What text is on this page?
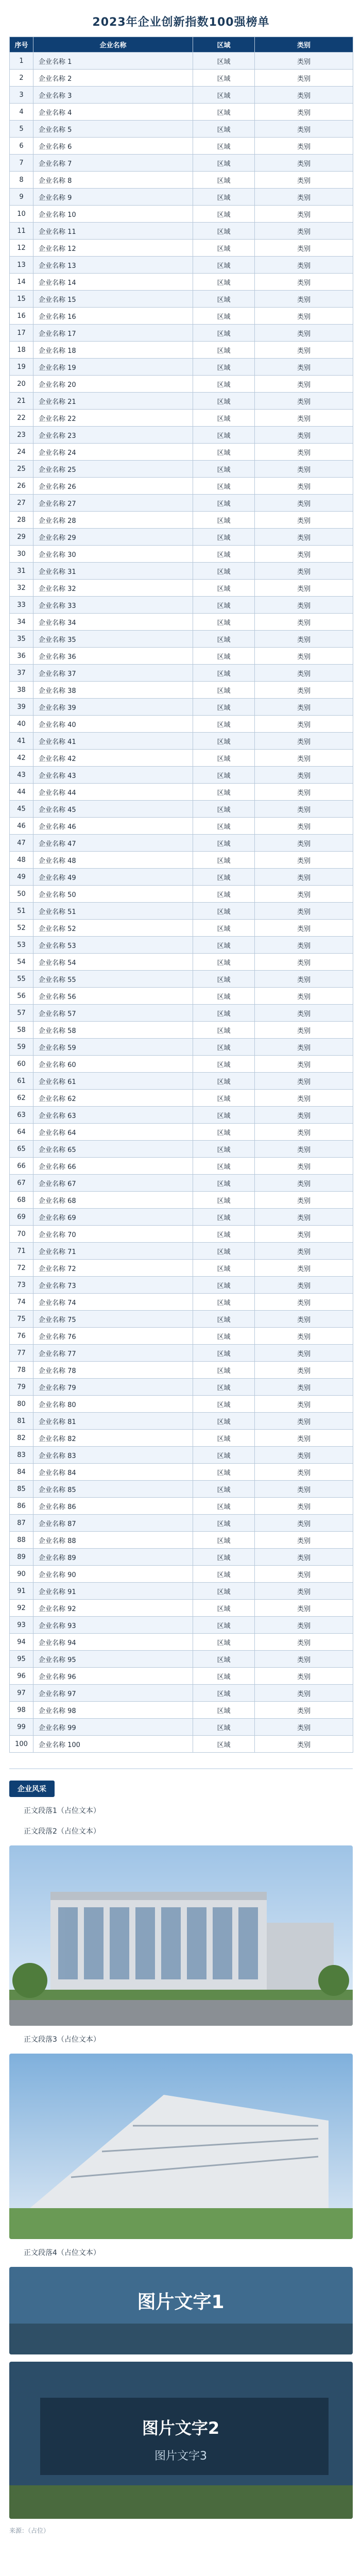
2023年企业创新指数100强榜单
序号	企业名称	区域	类别
1	企业名称 1	区域	类别
2	企业名称 2	区域	类别
3	企业名称 3	区域	类别
4	企业名称 4	区域	类别
5	企业名称 5	区域	类别
6	企业名称 6	区域	类别
7	企业名称 7	区域	类别
8	企业名称 8	区域	类别
9	企业名称 9	区域	类别
10	企业名称 10	区域	类别
11	企业名称 11	区域	类别
12	企业名称 12	区域	类别
13	企业名称 13	区域	类别
14	企业名称 14	区域	类别
15	企业名称 15	区域	类别
16	企业名称 16	区域	类别
17	企业名称 17	区域	类别
18	企业名称 18	区域	类别
19	企业名称 19	区域	类别
20	企业名称 20	区域	类别
21	企业名称 21	区域	类别
22	企业名称 22	区域	类别
23	企业名称 23	区域	类别
24	企业名称 24	区域	类别
25	企业名称 25	区域	类别
26	企业名称 26	区域	类别
27	企业名称 27	区域	类别
28	企业名称 28	区域	类别
29	企业名称 29	区域	类别
30	企业名称 30	区域	类别
31	企业名称 31	区域	类别
32	企业名称 32	区域	类别
33	企业名称 33	区域	类别
34	企业名称 34	区域	类别
35	企业名称 35	区域	类别
36	企业名称 36	区域	类别
37	企业名称 37	区域	类别
38	企业名称 38	区域	类别
39	企业名称 39	区域	类别
40	企业名称 40	区域	类别
41	企业名称 41	区域	类别
42	企业名称 42	区域	类别
43	企业名称 43	区域	类别
44	企业名称 44	区域	类别
45	企业名称 45	区域	类别
46	企业名称 46	区域	类别
47	企业名称 47	区域	类别
48	企业名称 48	区域	类别
49	企业名称 49	区域	类别
50	企业名称 50	区域	类别
51	企业名称 51	区域	类别
52	企业名称 52	区域	类别
53	企业名称 53	区域	类别
54	企业名称 54	区域	类别
55	企业名称 55	区域	类别
56	企业名称 56	区域	类别
57	企业名称 57	区域	类别
58	企业名称 58	区域	类别
59	企业名称 59	区域	类别
60	企业名称 60	区域	类别
61	企业名称 61	区域	类别
62	企业名称 62	区域	类别
63	企业名称 63	区域	类别
64	企业名称 64	区域	类别
65	企业名称 65	区域	类别
66	企业名称 66	区域	类别
67	企业名称 67	区域	类别
68	企业名称 68	区域	类别
69	企业名称 69	区域	类别
70	企业名称 70	区域	类别
71	企业名称 71	区域	类别
72	企业名称 72	区域	类别
73	企业名称 73	区域	类别
74	企业名称 74	区域	类别
75	企业名称 75	区域	类别
76	企业名称 76	区域	类别
77	企业名称 77	区域	类别
78	企业名称 78	区域	类别
79	企业名称 79	区域	类别
80	企业名称 80	区域	类别
81	企业名称 81	区域	类别
82	企业名称 82	区域	类别
83	企业名称 83	区域	类别
84	企业名称 84	区域	类别
85	企业名称 85	区域	类别
86	企业名称 86	区域	类别
87	企业名称 87	区域	类别
88	企业名称 88	区域	类别
89	企业名称 89	区域	类别
90	企业名称 90	区域	类别
91	企业名称 91	区域	类别
92	企业名称 92	区域	类别
93	企业名称 93	区域	类别
94	企业名称 94	区域	类别
95	企业名称 95	区域	类别
96	企业名称 96	区域	类别
97	企业名称 97	区域	类别
98	企业名称 98	区域	类别
99	企业名称 99	区域	类别
100	企业名称 100	区域	类别
企业风采

正文段落1（占位文本）

正文段落2（占位文本）

正文段落3（占位文本）

正文段落4（占位文本）

图片文字1
图片文字2
图片文字3

来源：（占位）
